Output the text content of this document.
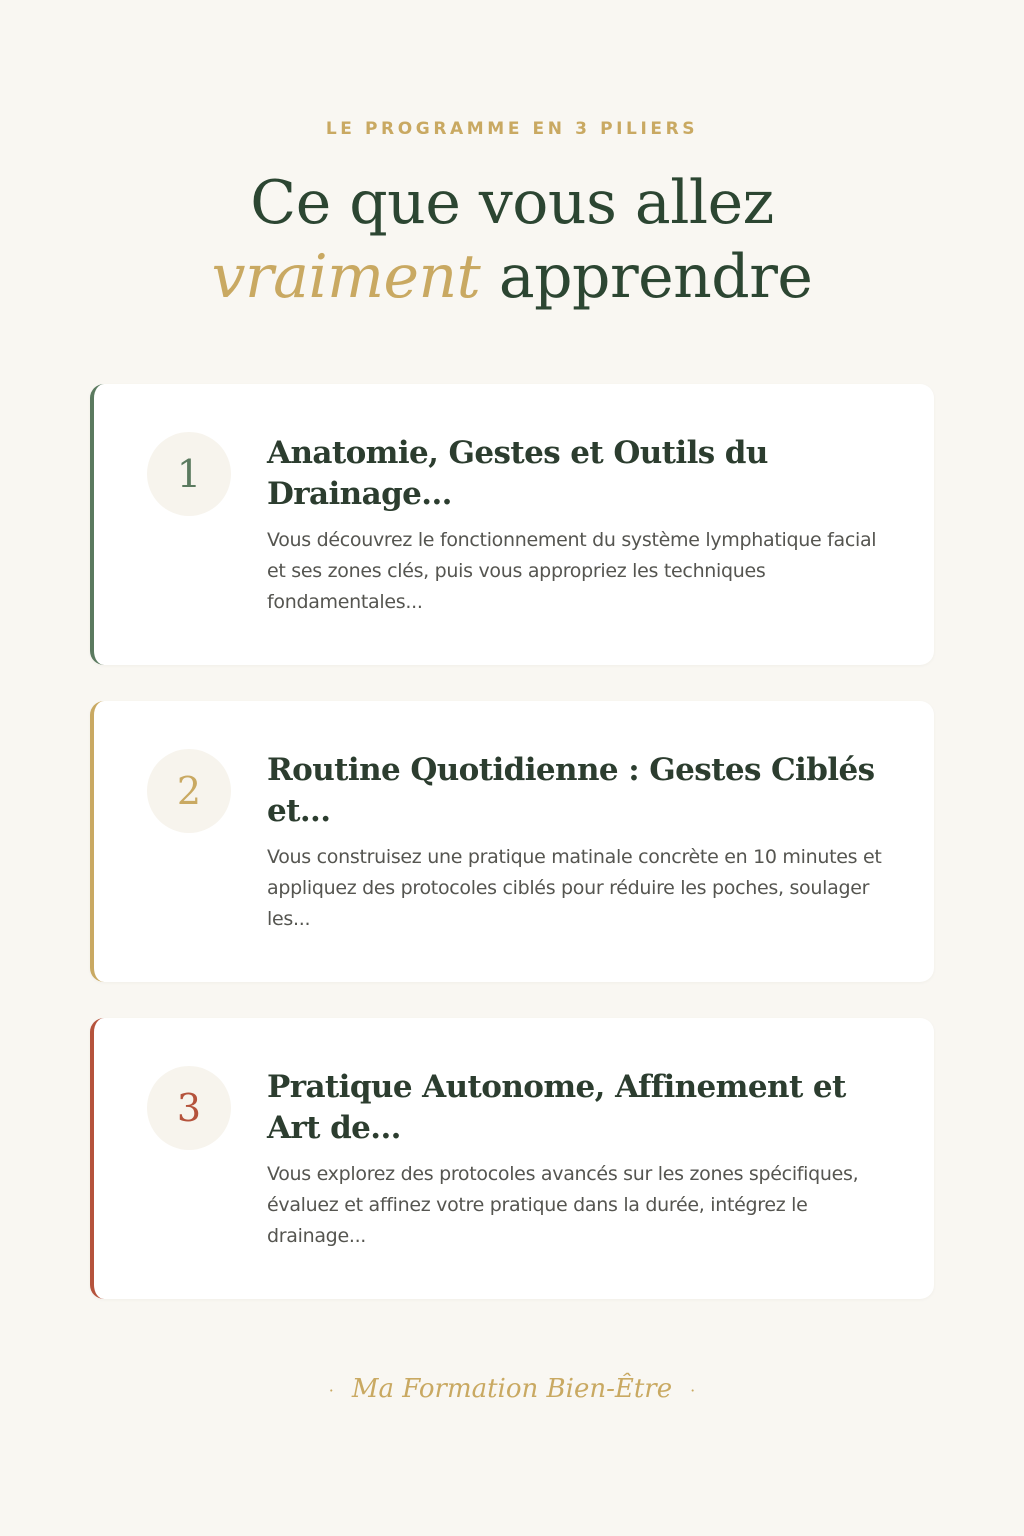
LE PROGRAMME EN 3 PILIERS
Ce que vous allez
vraiment apprendre
1	Anatomie, Gestes et Outils du Drainage...

Vous découvrez le fonctionnement du système lymphatique facial et ses zones clés, puis vous appropriez les techniques fondamentales...

2	Routine Quotidienne : Gestes Ciblés et...

Vous construisez une pratique matinale concrète en 10 minutes et appliquez des protocoles ciblés pour réduire les poches, soulager les...

3	Pratique Autonome, Affinement et Art de...

Vous explorez des protocoles avancés sur les zones spécifiques, évaluez et affinez votre pratique dans la durée, intégrez le drainage...

· Ma Formation Bien-Être ·
